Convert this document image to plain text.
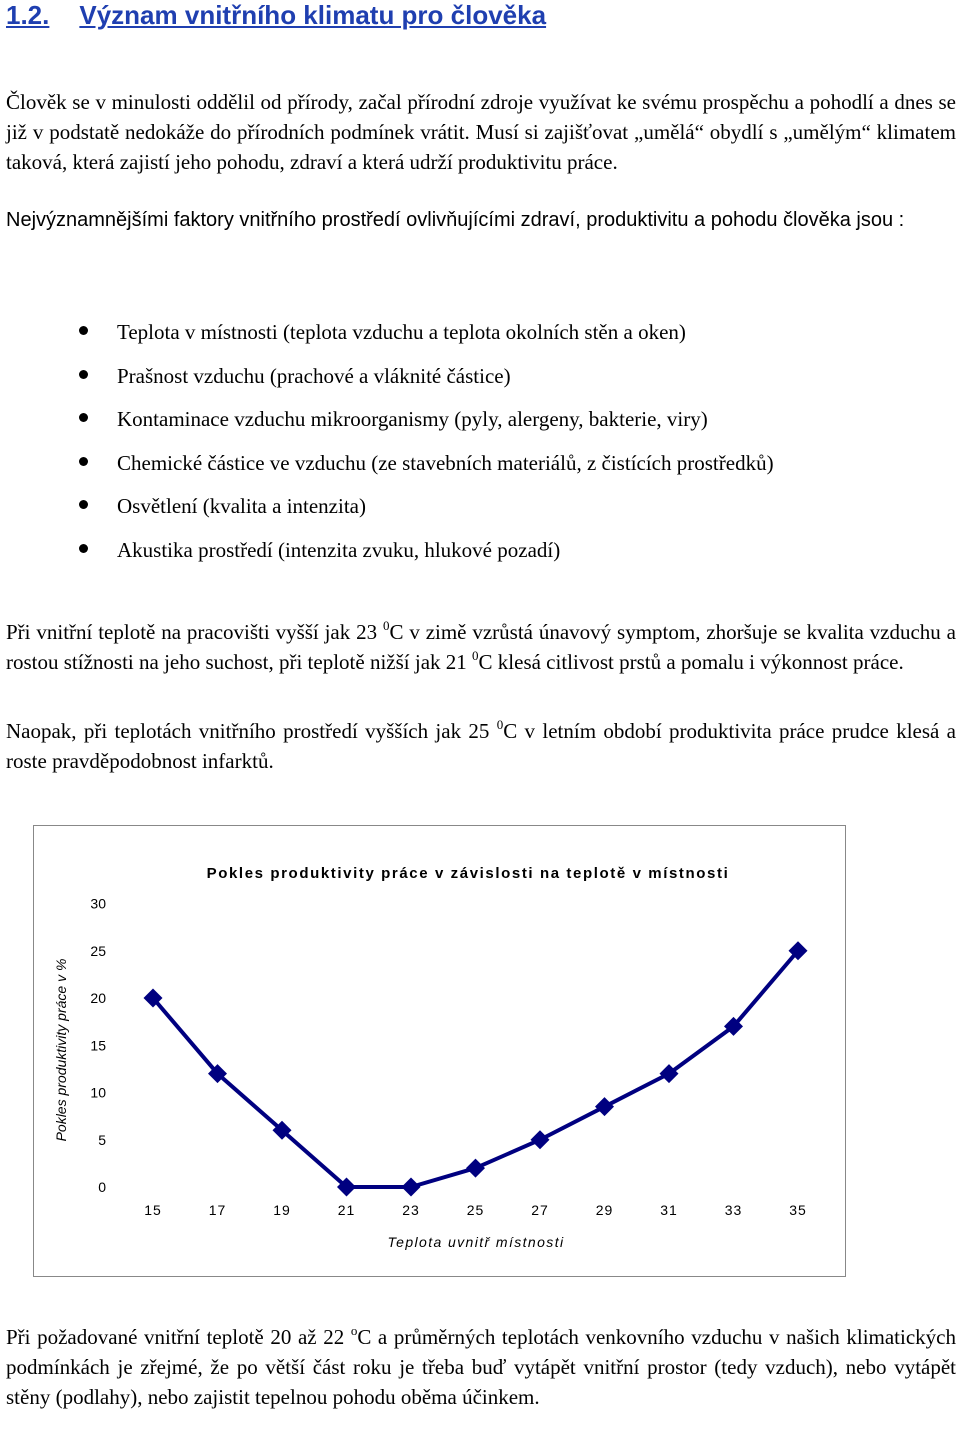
1.2. Význam vnitřního klimatu pro člověka
Člověk se v minulosti oddělil od přírody, začal přírodní zdroje využívat ke svému prospěchu a pohodlí a dnes se již v podstatě nedokáže do přírodních podmínek vrátit. Musí si zajišťovat „umělá“ obydlí s „umělým“ klimatem taková, která zajistí jeho pohodu, zdraví a která udrží produktivitu práce.
Nejvýznamnějšími faktory vnitřního prostředí ovlivňujícími zdraví, produktivitu a pohodu člověka jsou :
Teplota v místnosti (teplota vzduchu a teplota okolních stěn a oken)
Prašnost vzduchu (prachové a vláknité částice)
Kontaminace vzduchu mikroorganismy (pyly, alergeny, bakterie, viry)
Chemické částice ve vzduchu (ze stavebních materiálů, z čistících prostředků)
Osvětlení (kvalita a intenzita)
Akustika prostředí (intenzita zvuku, hlukové pozadí)
Při vnitřní teplotě na pracovišti vyšší jak 23 $^0$C v zimě vzrůstá únavový symptom, zhoršuje se kvalita vzduchu a rostou stížnosti na jeho suchost, při teplotě nižší jak 21 $^0$C klesá citlivost prstů a pomalu i výkonnost práce.
Naopak, při teplotách vnitřního prostředí vyšších jak 25 $^0$C v letním období produktivita práce prudce klesá a roste pravděpodobnost infarktů.
Pokles produktivity práce v závislosti na teplotě v místnosti
0
5
10
15
20
25
30
15	17	19	21	23	25	27	29	31	33	35
Teplota uvnitř místnosti
Pokles produktivity práce v %
Při požadované vnitřní teplotě 20 až 22 $^o$C a průměrných teplotách venkovního vzduchu v našich klimatických podmínkách je zřejmé, že po větší část roku je třeba buď vytápět vnitřní prostor (tedy vzduch), nebo vytápět stěny (podlahy), nebo zajistit tepelnou pohodu oběma účinkem.
